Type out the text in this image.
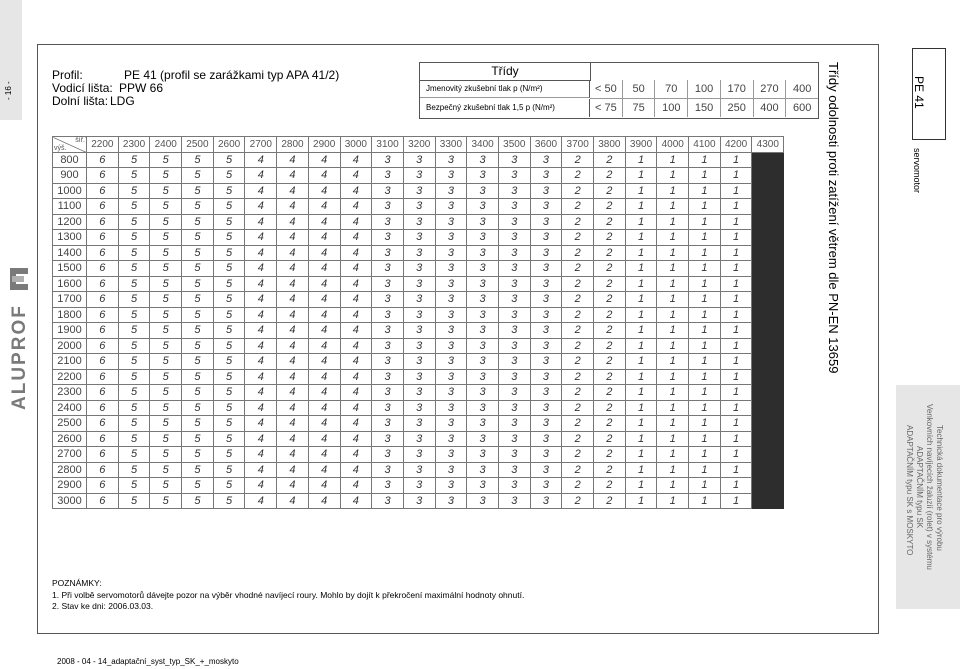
- 16 -
ALUPROF
Profil:	PE 41 (profil se zarážkami typ APA 41/2)
Vodicí lišta: PPW 66
Dolní lišta: LDG
Třídy
Jmenovitý zkušební tlak p (N/m²)	< 50	50	70	100	170	270	400
Bezpečný zkušební tlak 1,5 p (N/m²)	< 75	75	100	150	250	400	600
výš.
šíř.	2200	2300	2400	2500	2600	2700	2800	2900	3000	3100	3200	3300	3400	3500	3600	3700	3800	3900	4000	4100	4200	4300
800	6	5	5	5	5	4	4	4	4	3	3	3	3	3	3	2	2	1	1	1	1	
900	6	5	5	5	5	4	4	4	4	3	3	3	3	3	3	2	2	1	1	1	1	
1000	6	5	5	5	5	4	4	4	4	3	3	3	3	3	3	2	2	1	1	1	1	
1100	6	5	5	5	5	4	4	4	4	3	3	3	3	3	3	2	2	1	1	1	1	
1200	6	5	5	5	5	4	4	4	4	3	3	3	3	3	3	2	2	1	1	1	1	
1300	6	5	5	5	5	4	4	4	4	3	3	3	3	3	3	2	2	1	1	1	1	
1400	6	5	5	5	5	4	4	4	4	3	3	3	3	3	3	2	2	1	1	1	1	
1500	6	5	5	5	5	4	4	4	4	3	3	3	3	3	3	2	2	1	1	1	1	
1600	6	5	5	5	5	4	4	4	4	3	3	3	3	3	3	2	2	1	1	1	1	
1700	6	5	5	5	5	4	4	4	4	3	3	3	3	3	3	2	2	1	1	1	1	
1800	6	5	5	5	5	4	4	4	4	3	3	3	3	3	3	2	2	1	1	1	1	
1900	6	5	5	5	5	4	4	4	4	3	3	3	3	3	3	2	2	1	1	1	1	
2000	6	5	5	5	5	4	4	4	4	3	3	3	3	3	3	2	2	1	1	1	1	
2100	6	5	5	5	5	4	4	4	4	3	3	3	3	3	3	2	2	1	1	1	1	
2200	6	5	5	5	5	4	4	4	4	3	3	3	3	3	3	2	2	1	1	1	1	
2300	6	5	5	5	5	4	4	4	4	3	3	3	3	3	3	2	2	1	1	1	1	
2400	6	5	5	5	5	4	4	4	4	3	3	3	3	3	3	2	2	1	1	1	1	
2500	6	5	5	5	5	4	4	4	4	3	3	3	3	3	3	2	2	1	1	1	1	
2600	6	5	5	5	5	4	4	4	4	3	3	3	3	3	3	2	2	1	1	1	1	
2700	6	5	5	5	5	4	4	4	4	3	3	3	3	3	3	2	2	1	1	1	1	
2800	6	5	5	5	5	4	4	4	4	3	3	3	3	3	3	2	2	1	1	1	1	
2900	6	5	5	5	5	4	4	4	4	3	3	3	3	3	3	2	2	1	1	1	1	
3000	6	5	5	5	5	4	4	4	4	3	3	3	3	3	3	2	2	1	1	1	1	
POZNÁMKY:
1. Při volbě servomotorů dávejte pozor na výběr vhodné navíjecí roury. Mohlo by dojít k překročení maximální hodnoty ohnutí.
2. Stav ke dni: 2006.03.03.
2008 - 04 - 14_adaptační_syst_typ_SK_+_moskyto
Třídy odolnosti proti zatížení větrem dle PN-EN 13659	PE 41
servomotor
Technická dokumentace pro výrobu
Venkovních navíjecích žaluzií (rolet) v systému
ADAPTAČNÍM typu SK
ADAPTAČNÍM typu SK s MOSKYTO
